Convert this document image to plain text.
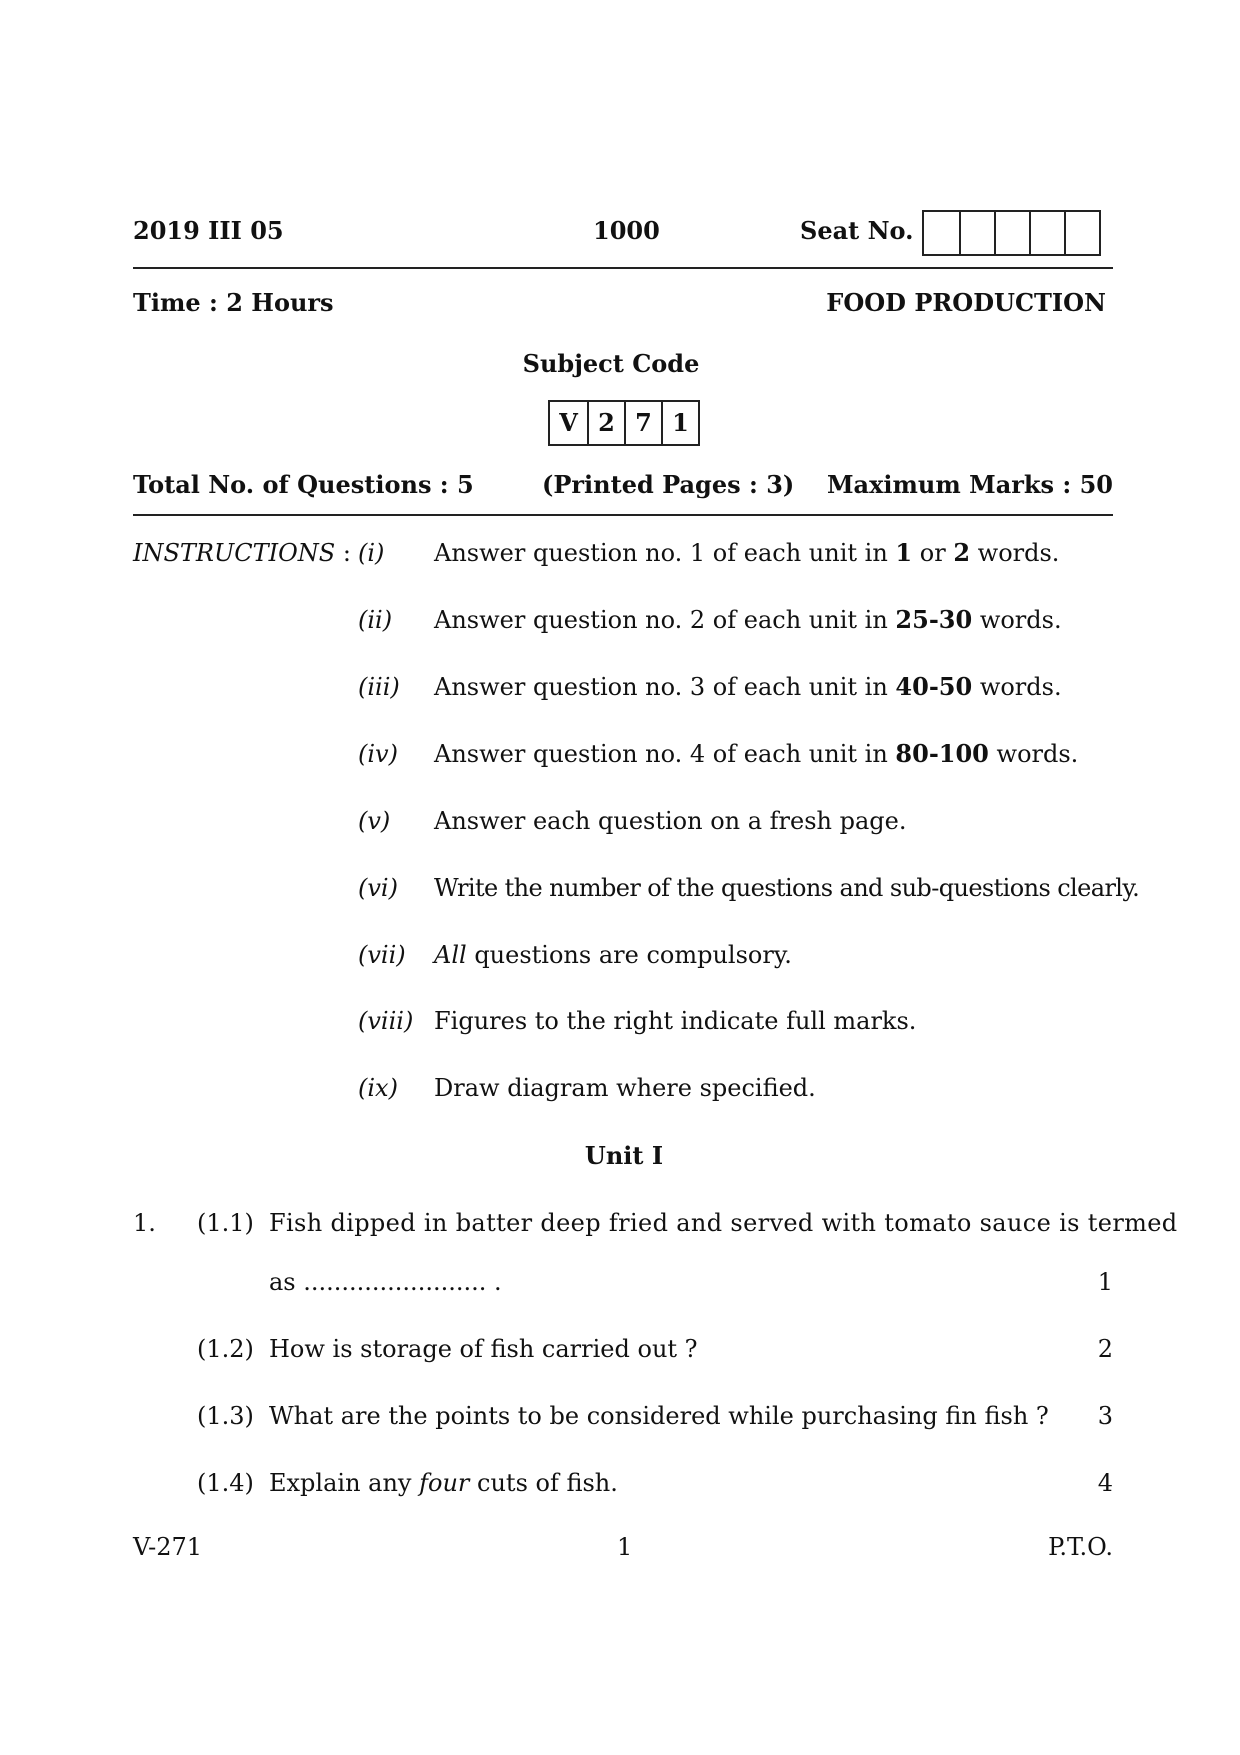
2019 III 05	1000	Seat No.
Time : 2 Hours	FOOD PRODUCTION
Subject Code
V 2 7 1
Total No. of Questions : 5	(Printed Pages : 3) Maximum Marks : 50
INSTRUCTIONS : (i) Answer question no. 1 of each unit in 1 or 2 words.
(ii) Answer question no. 2 of each unit in 25-30 words.
(iii) Answer question no. 3 of each unit in 40-50 words.
(iv) Answer question no. 4 of each unit in 80-100 words.
(v) Answer each question on a fresh page.
(vi) Write the number of the questions and sub-questions clearly.
(vii) All questions are compulsory.
(viii) Figures to the right indicate full marks.
(ix) Draw diagram where specified.
Unit I
1. (1.1) Fish dipped in batter deep fried and served with tomato sauce is termed
as ........................ .	1
(1.2) How is storage of fish carried out ?	2
(1.3) What are the points to be considered while purchasing fin fish ? 3
(1.4) Explain any four cuts of fish.	4
V-271	1	P.T.O.
